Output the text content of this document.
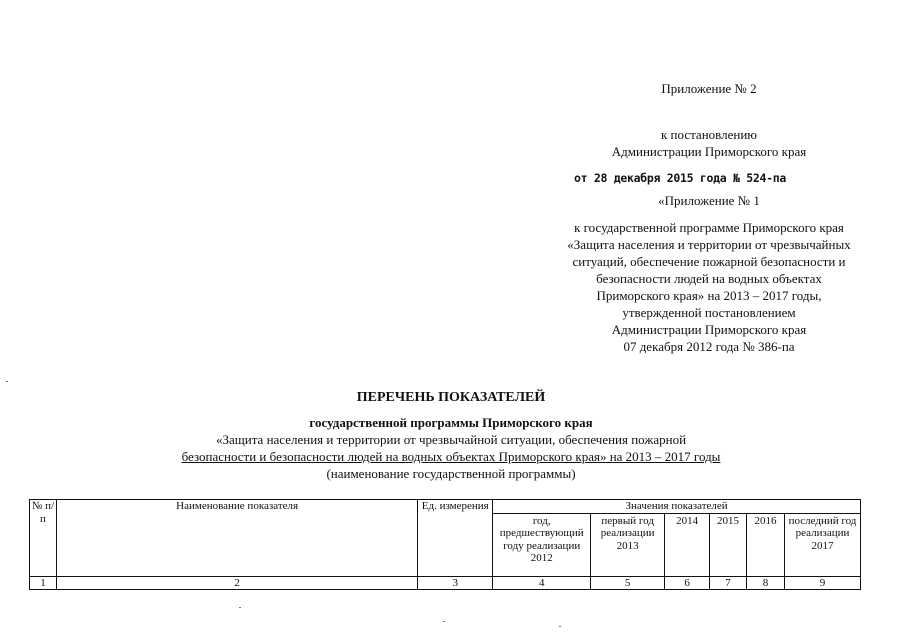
Приложение № 2
к постановлению
Администрации Приморского края
от 28 декабря 2015 года № 524-па
«Приложение № 1
к государственной программе Приморского края
«Защита населения и территории от чрезвычайных
ситуаций, обеспечение пожарной безопасности и
безопасности людей на водных объектах
Приморского края» на 2013 – 2017 годы,
утвержденной постановлением
Администрации Приморского края
07 декабря 2012 года № 386-па
ПЕРЕЧЕНЬ ПОКАЗАТЕЛЕЙ
государственной программы Приморского края
«Защита населения и территории от чрезвычайной ситуации, обеспечения пожарной
безопасности и безопасности людей на водных объектах Приморского края» на 2013 – 2017 годы
(наименование государственной программы)
№ п/п	Наименование показателя	Ед. измерения	Значения показателей					
			год, предшествующий году реализации 2012	первый год реализации 2013	2014	2015	2016	последний год реализации 2017
1	2	3	4	5	6	7	8	9
